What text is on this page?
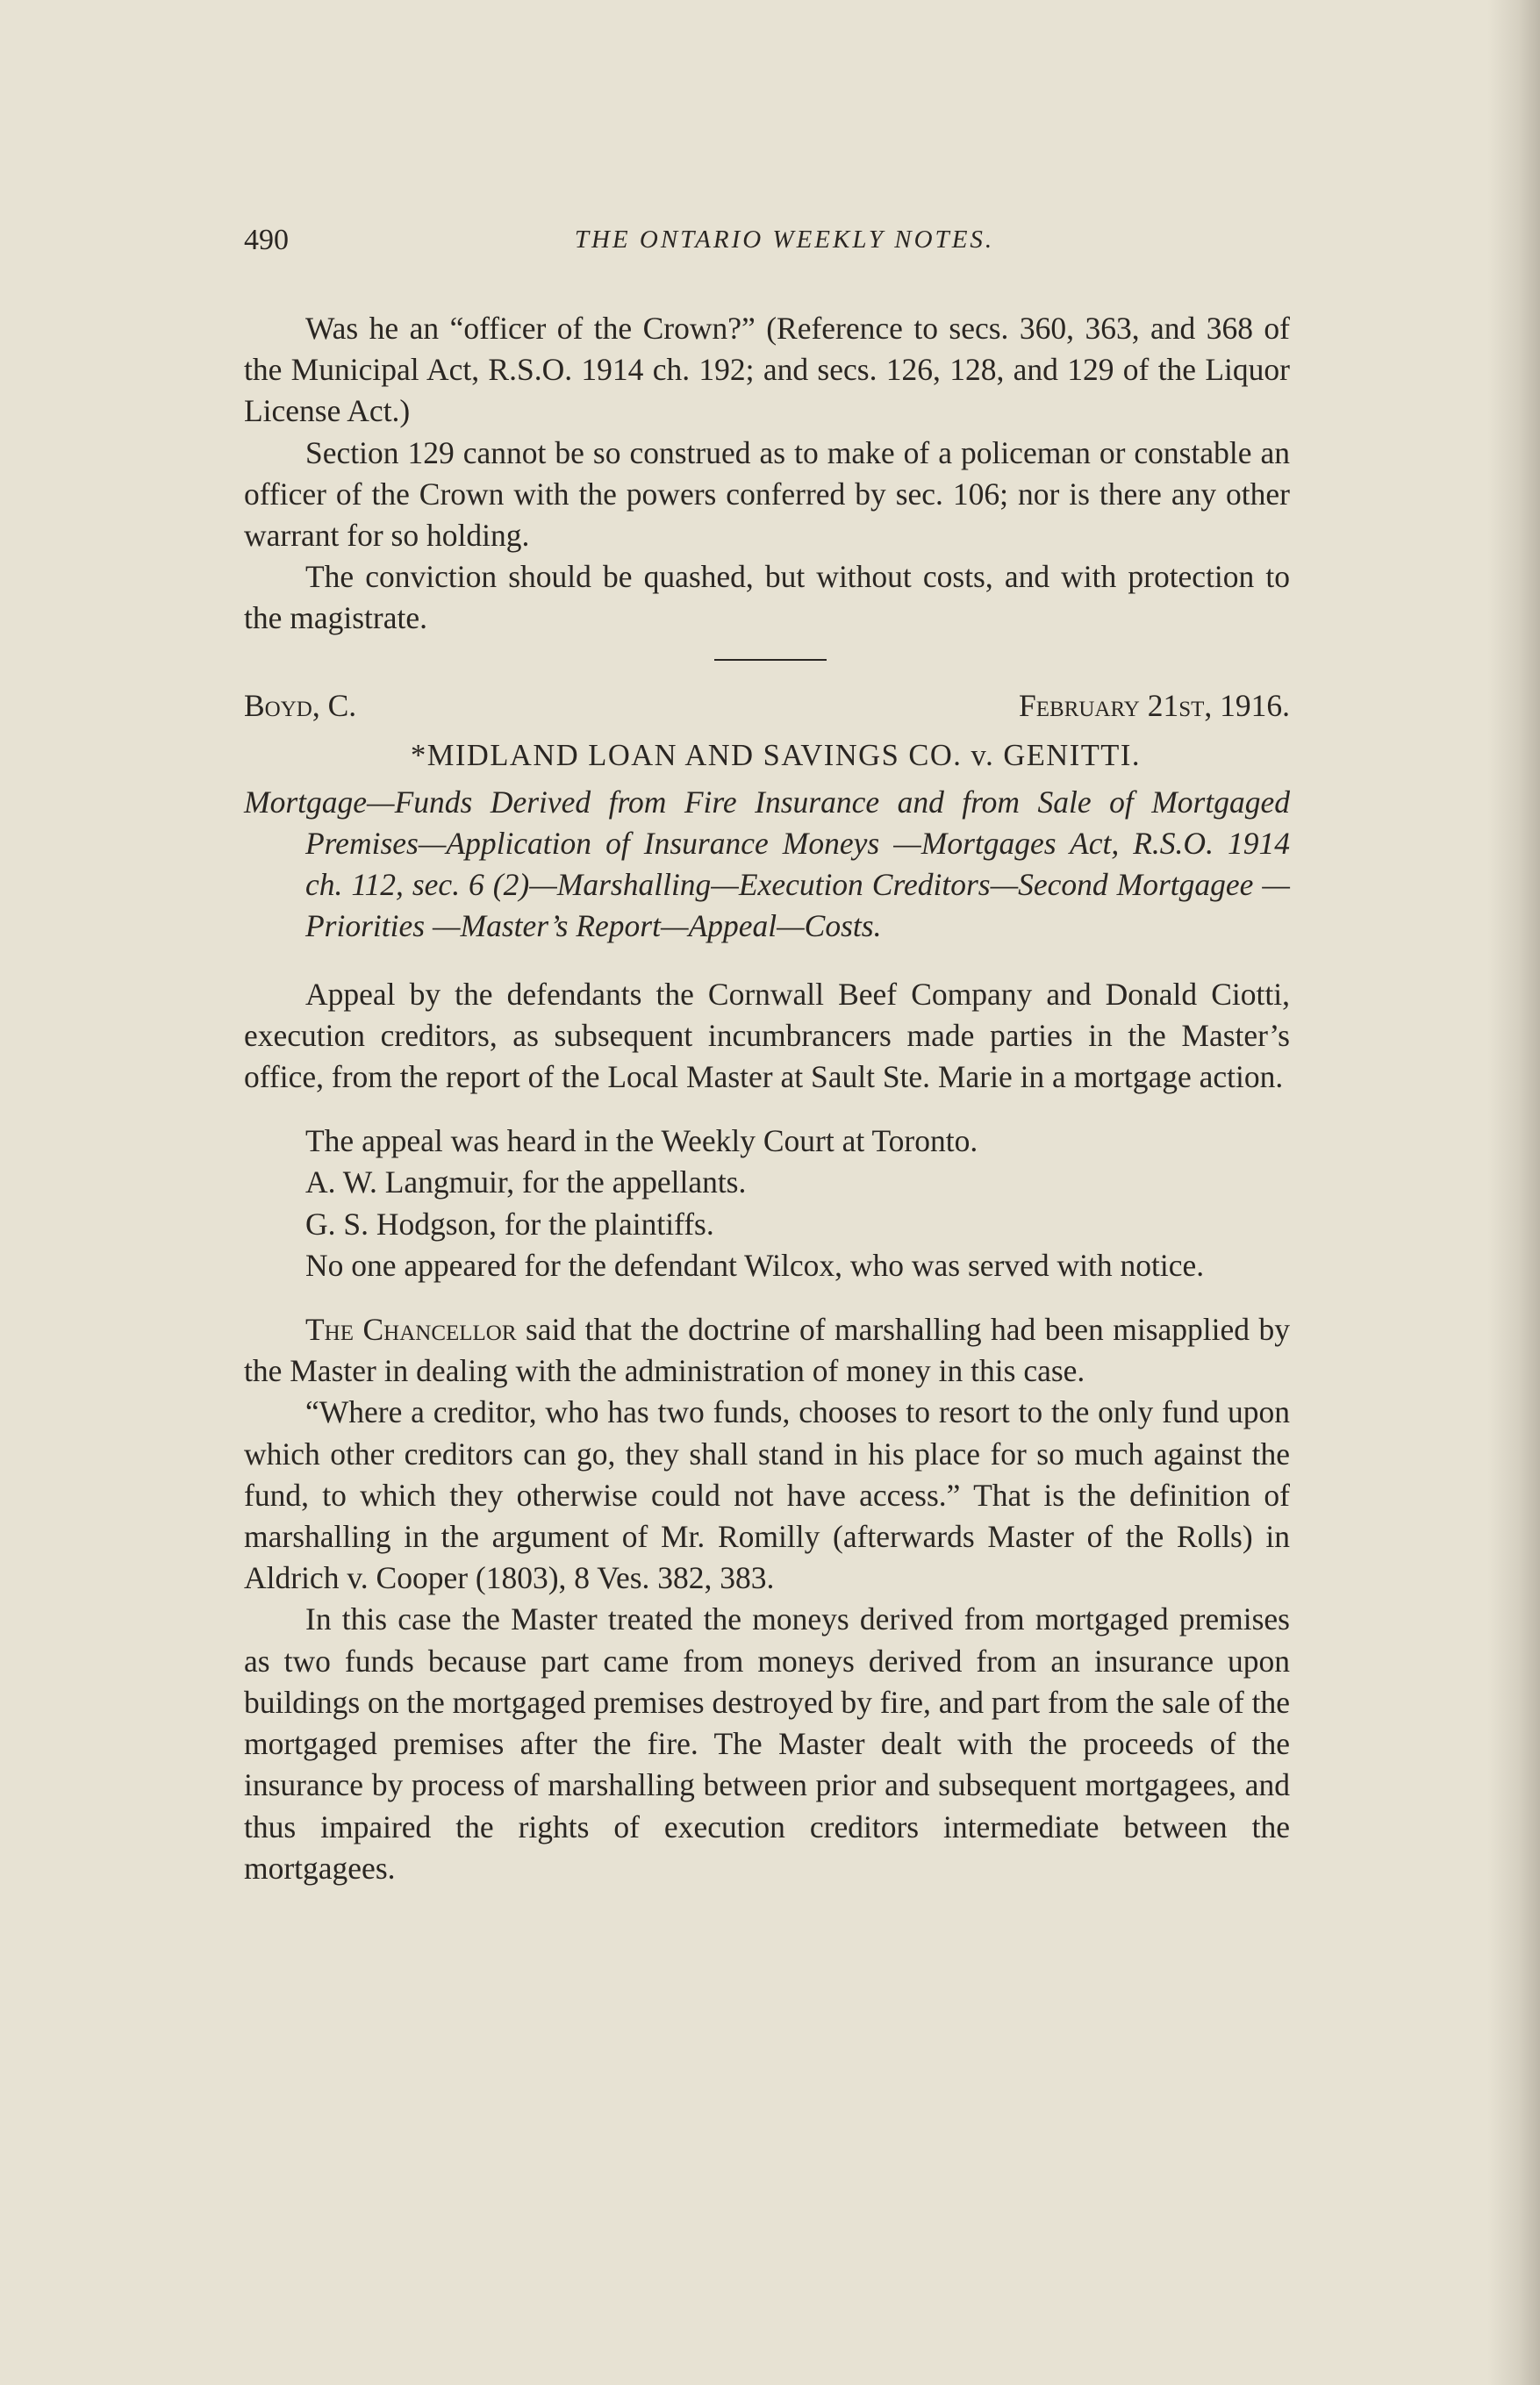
490	THE ONTARIO WEEKLY NOTES.

Was he an “officer of the Crown?” (Reference to secs. 360, 363, and 368 of the Municipal Act, R.S.O. 1914 ch. 192; and secs. 126, 128, and 129 of the Liquor License Act.)

Section 129 cannot be so construed as to make of a policeman or constable an officer of the Crown with the powers conferred by sec. 106; nor is there any other warrant for so holding.

The conviction should be quashed, but without costs, and with protection to the magistrate.

Boyd, C.	February 21st, 1916.
*MIDLAND LOAN AND SAVINGS CO. v. GENITTI.
Mortgage—Funds Derived from Fire Insurance and from Sale of Mortgaged Premises—Application of Insurance Moneys —Mortgages Act, R.S.O. 1914 ch. 112, sec. 6 (2)—Marshalling—Execution Creditors—Second Mortgagee — Priorities —Master’s Report—Appeal—Costs.

Appeal by the defendants the Cornwall Beef Company and Donald Ciotti, execution creditors, as subsequent incumbrancers made parties in the Master’s office, from the report of the Local Master at Sault Ste. Marie in a mortgage action.

The appeal was heard in the Weekly Court at Toronto.

A. W. Langmuir, for the appellants.

G. S. Hodgson, for the plaintiffs.

No one appeared for the defendant Wilcox, who was served with notice.

The Chancellor said that the doctrine of marshalling had been misapplied by the Master in dealing with the administration of money in this case.

“Where a creditor, who has two funds, chooses to resort to the only fund upon which other creditors can go, they shall stand in his place for so much against the fund, to which they otherwise could not have access.” That is the definition of marshalling in the argument of Mr. Romilly (afterwards Master of the Rolls) in Aldrich v. Cooper (1803), 8 Ves. 382, 383.

In this case the Master treated the moneys derived from mortgaged premises as two funds because part came from moneys derived from an insurance upon buildings on the mortgaged premises destroyed by fire, and part from the sale of the mortgaged premises after the fire. The Master dealt with the proceeds of the insurance by process of marshalling between prior and subsequent mortgagees, and thus impaired the rights of execution creditors intermediate between the mortgagees.
